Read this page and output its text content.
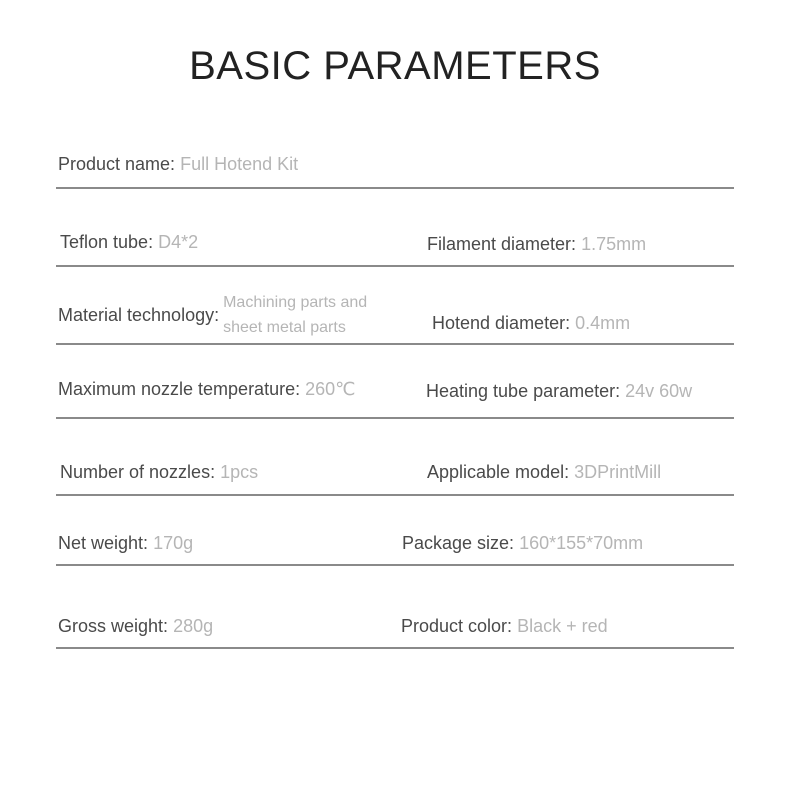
BASIC PARAMETERS
Product name: Full Hotend Kit
Teflon tube: D4*2	Filament diameter: 1.75mm
Material technology:
Machining parts and
sheet metal parts	Hotend diameter: 0.4mm
Maximum nozzle temperature: 260℃	Heating tube parameter: 24v 60w
Number of nozzles: 1pcs	Applicable model: 3DPrintMill
Net weight: 170g	Package size: 160*155*70mm
Gross weight: 280g	Product color: Black + red
